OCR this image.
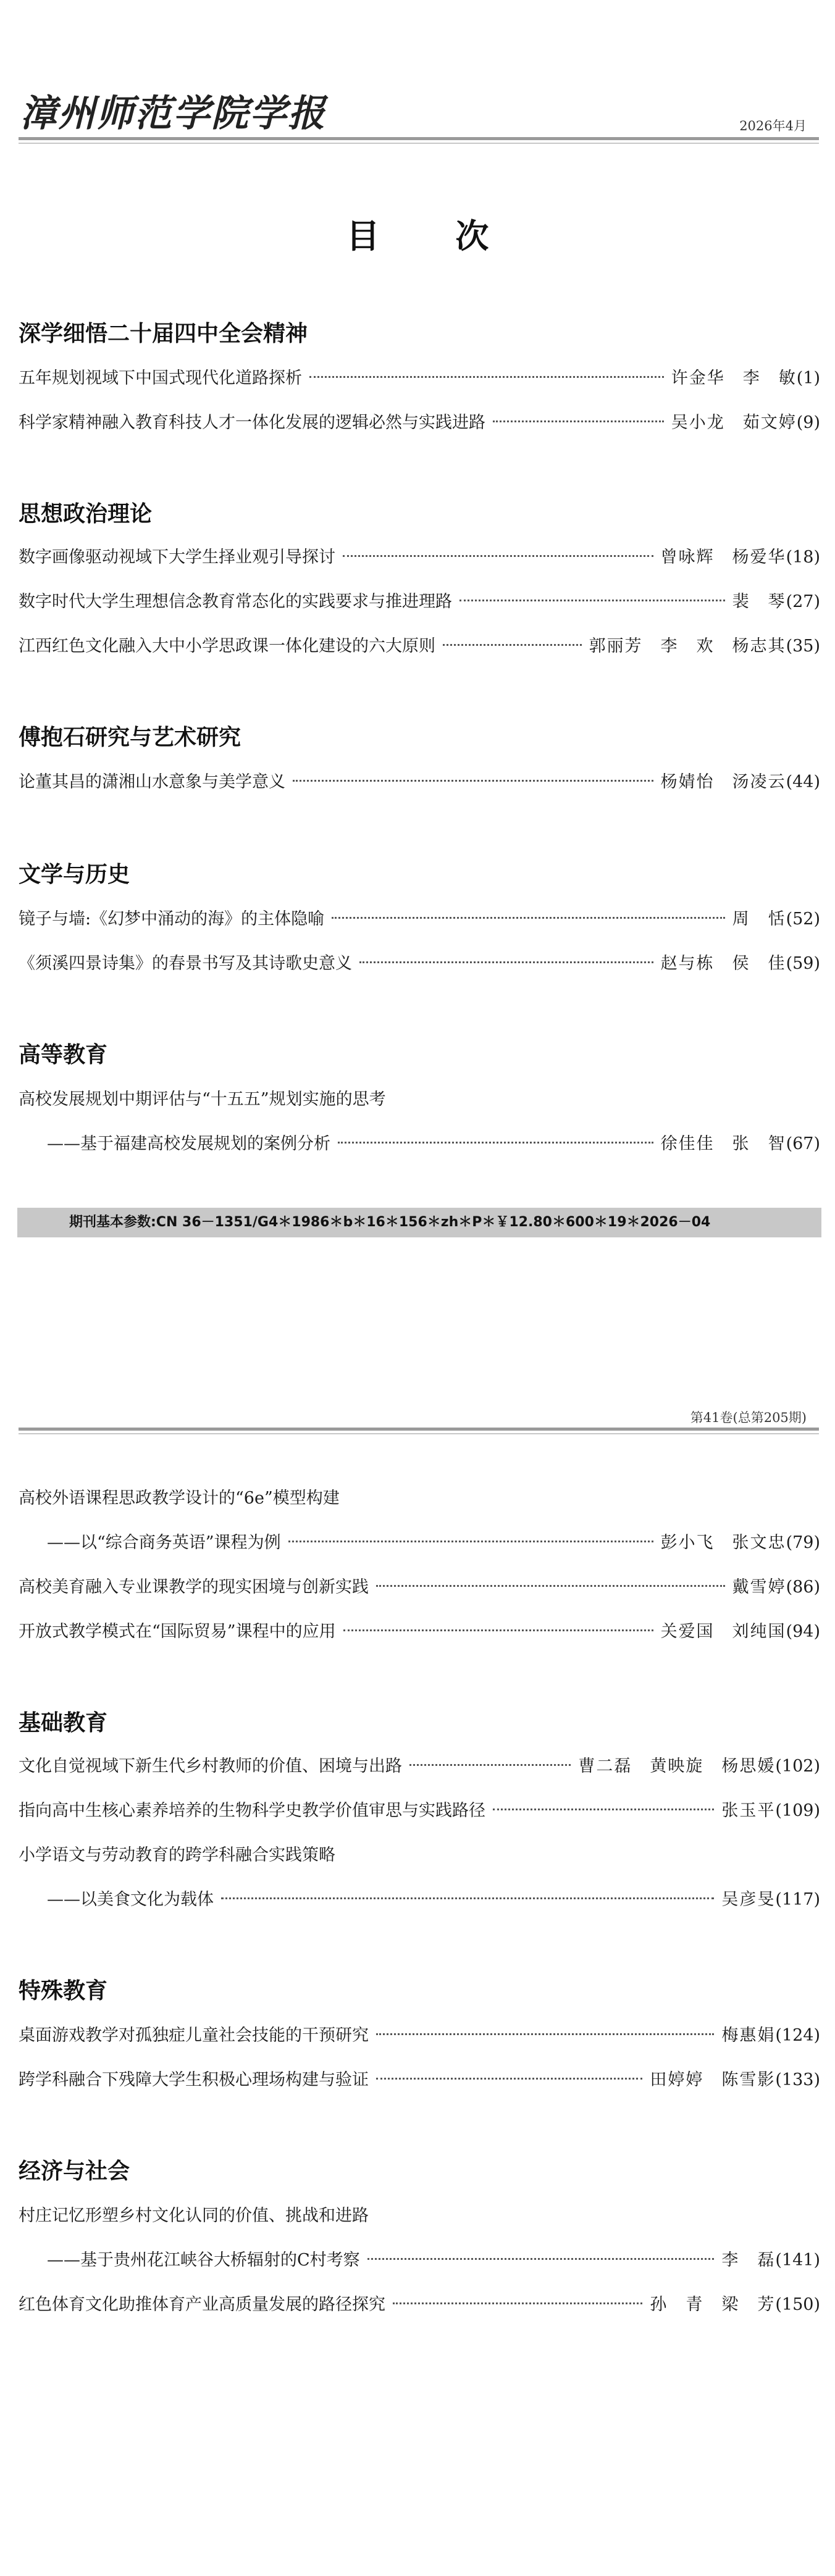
漳州师范学院学报	2026年4月
目 次
深学细悟二十届四中全会精神
五年规划视域下中国式现代化道路探析	许金华　李　敏 (1)
科学家精神融入教育科技人才一体化发展的逻辑必然与实践进路	吴小龙　茹文婷 (9)
思想政治理论
数字画像驱动视域下大学生择业观引导探讨	曾咏辉　杨爱华 (18)
数字时代大学生理想信念教育常态化的实践要求与推进理路	裴　琴 (27)
江西红色文化融入大中小学思政课一体化建设的六大原则	郭丽芳　李　欢　杨志其 (35)
傅抱石研究与艺术研究
论董其昌的潇湘山水意象与美学意义	杨婧怡　汤凌云 (44)
文学与历史
镜子与墙:《幻梦中涌动的海》的主体隐喻	周　恬 (52)
《须溪四景诗集》的春景书写及其诗歌史意义	赵与栋　侯　佳 (59)
高等教育
高校发展规划中期评估与“十五五”规划实施的思考
——基于福建高校发展规划的案例分析	徐佳佳　张　智 (67)
期刊基本参数:CN 36－1351/G4＊1986＊b＊16＊156＊zh＊P＊￥12.80＊600＊19＊2026－04
第41卷(总第205期)
高校外语课程思政教学设计的“6e”模型构建
——以“综合商务英语”课程为例	彭小飞　张文忠 (79)
高校美育融入专业课教学的现实困境与创新实践	戴雪婷 (86)
开放式教学模式在“国际贸易”课程中的应用	关爱国　刘纯国 (94)
基础教育
文化自觉视域下新生代乡村教师的价值、困境与出路	曹二磊　黄映旋　杨思媛 (102)
指向高中生核心素养培养的生物科学史教学价值审思与实践路径	张玉平 (109)
小学语文与劳动教育的跨学科融合实践策略
——以美食文化为载体	吴彦旻 (117)
特殊教育
桌面游戏教学对孤独症儿童社会技能的干预研究	梅惠娟 (124)
跨学科融合下残障大学生积极心理场构建与验证	田婷婷　陈雪影 (133)
经济与社会
村庄记忆形塑乡村文化认同的价值、挑战和进路
——基于贵州花江峡谷大桥辐射的C村考察	李　磊 (141)
红色体育文化助推体育产业高质量发展的路径探究	孙　青　梁　芳 (150)
